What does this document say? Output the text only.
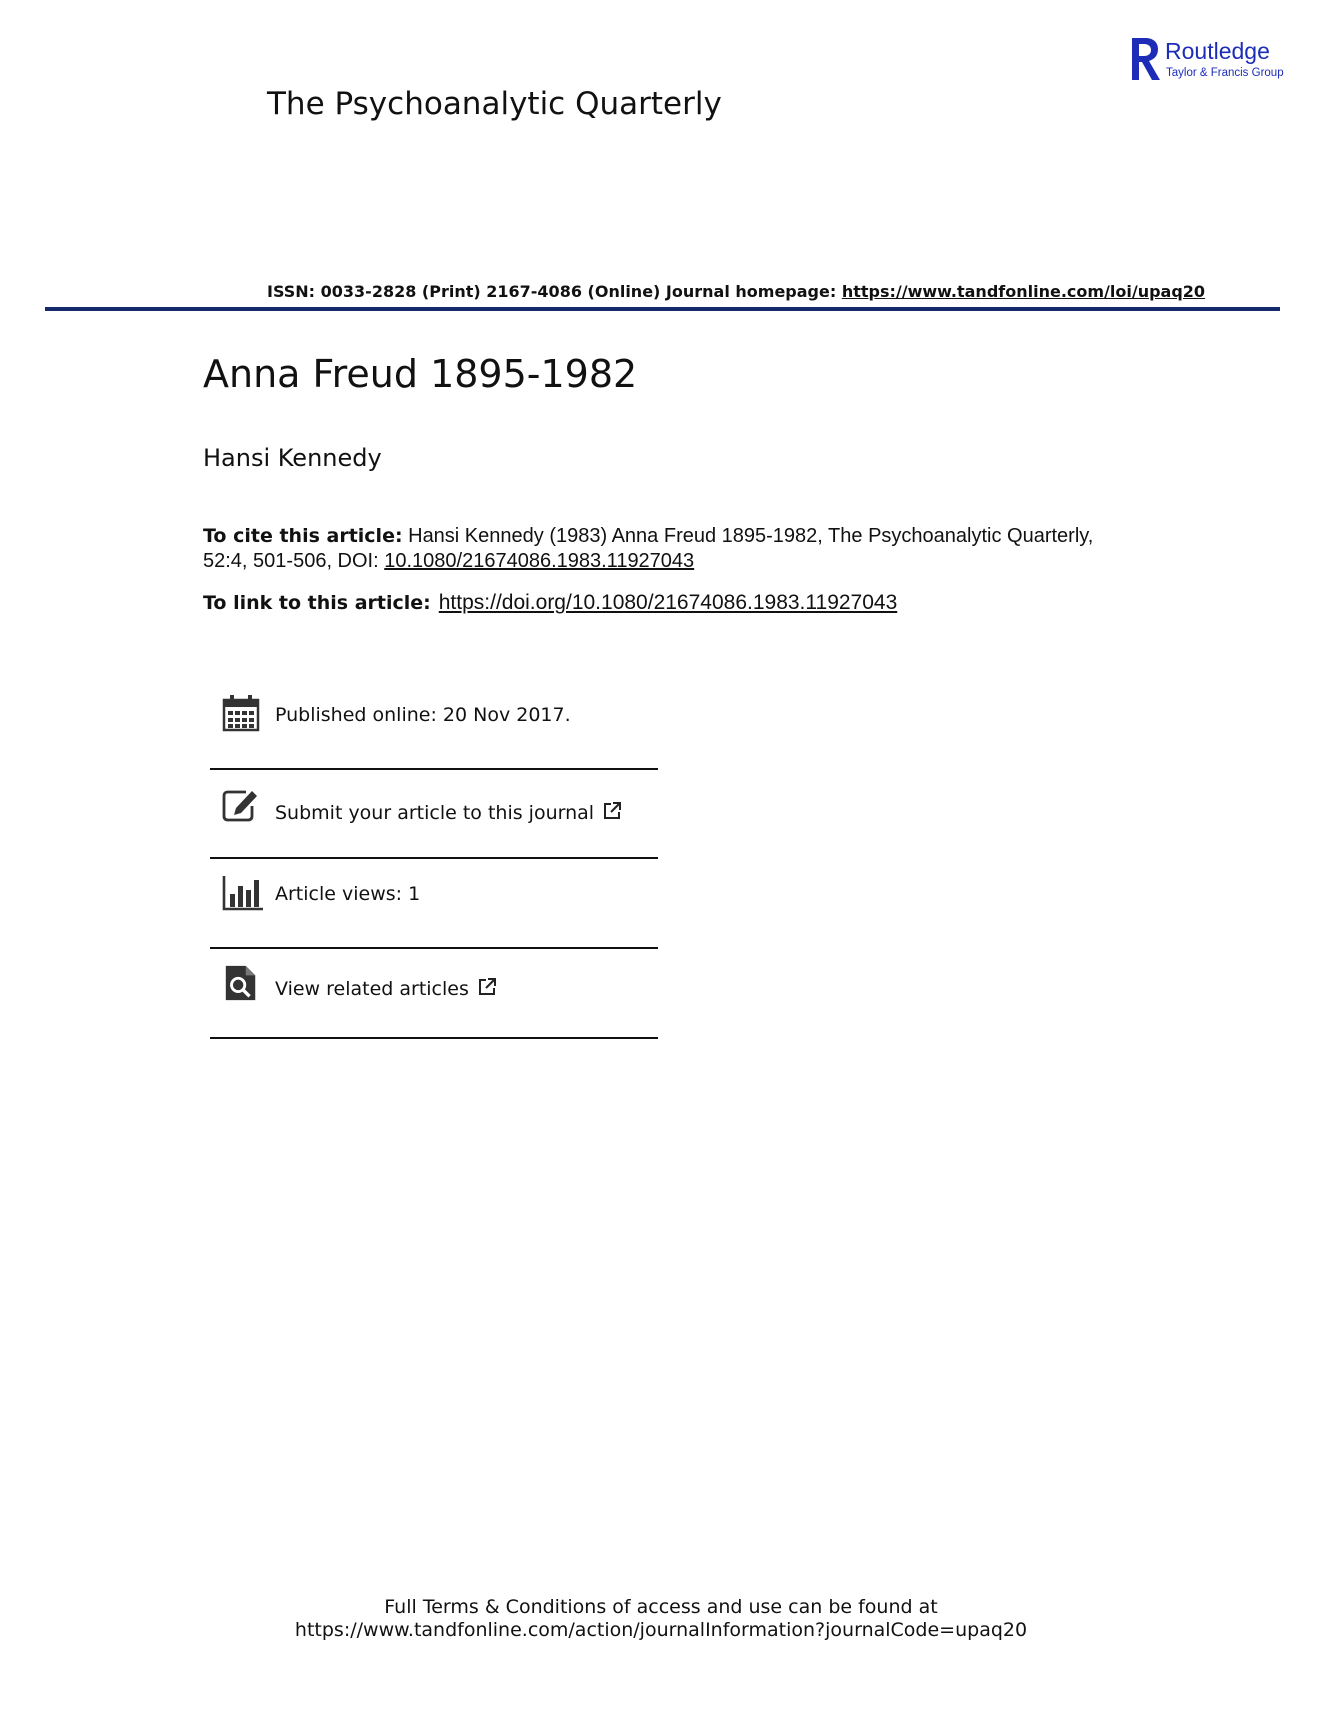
The Psychoanalytic Quarterly
Routledge
Taylor & Francis Group
ISSN: 0033-2828 (Print) 2167-4086 (Online) Journal homepage: https://www.tandfonline.com/loi/upaq20
Anna Freud 1895-1982
Hansi Kennedy
To cite this article: Hansi Kennedy (1983) Anna Freud 1895-1982, The Psychoanalytic Quarterly, 52:4, 501-506, DOI: 10.1080/21674086.1983.11927043
To link to this article: https://doi.org/10.1080/21674086.1983.11927043
Published online: 20 Nov 2017.
Submit your article to this journal
Article views: 1
View related articles
Full Terms & Conditions of access and use can be found at
https://www.tandfonline.com/action/journalInformation?journalCode=upaq20
